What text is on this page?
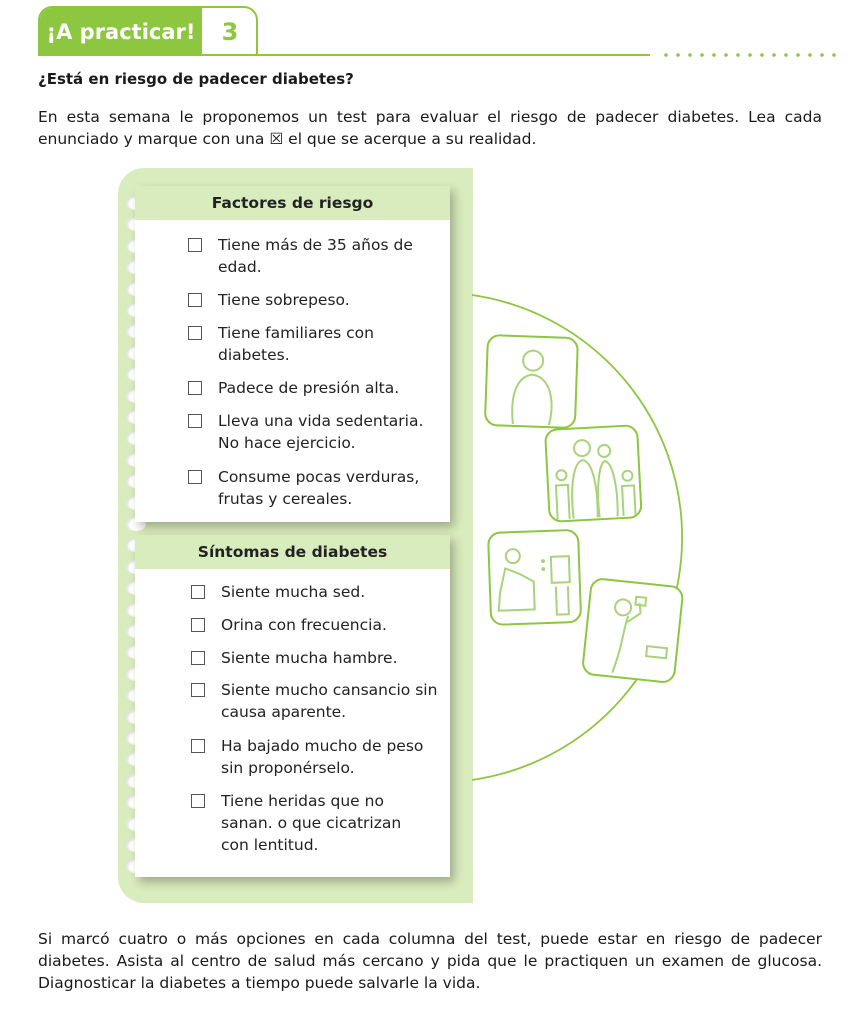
¡A practicar!	3
¿Está en riesgo de padecer diabetes?

En esta semana le proponemos un test para evaluar el riesgo de padecer diabetes. Lea cada enunciado y marque con una ☒ el que se acerque a su realidad.

Factores de riesgo
Tiene más de 35 años de edad.
Tiene sobrepeso.
Tiene familiares con diabetes.
Padece de presión alta.
Lleva una vida sedentaria. No hace ejercicio.
Consume pocas verduras, frutas y cereales.
Síntomas de diabetes
Siente mucha sed.
Orina con frecuencia.
Siente mucha hambre.
Siente mucho cansancio sin causa aparente.
Ha bajado mucho de peso sin proponérselo.
Tiene heridas que no sanan. o que cicatrizan con lentitud.

Si marcó cuatro o más opciones en cada columna del test, puede estar en riesgo de padecer diabetes. Asista al centro de salud más cercano y pida que le practiquen un examen de glucosa. Diagnosticar la diabetes a tiempo puede salvarle la vida.
